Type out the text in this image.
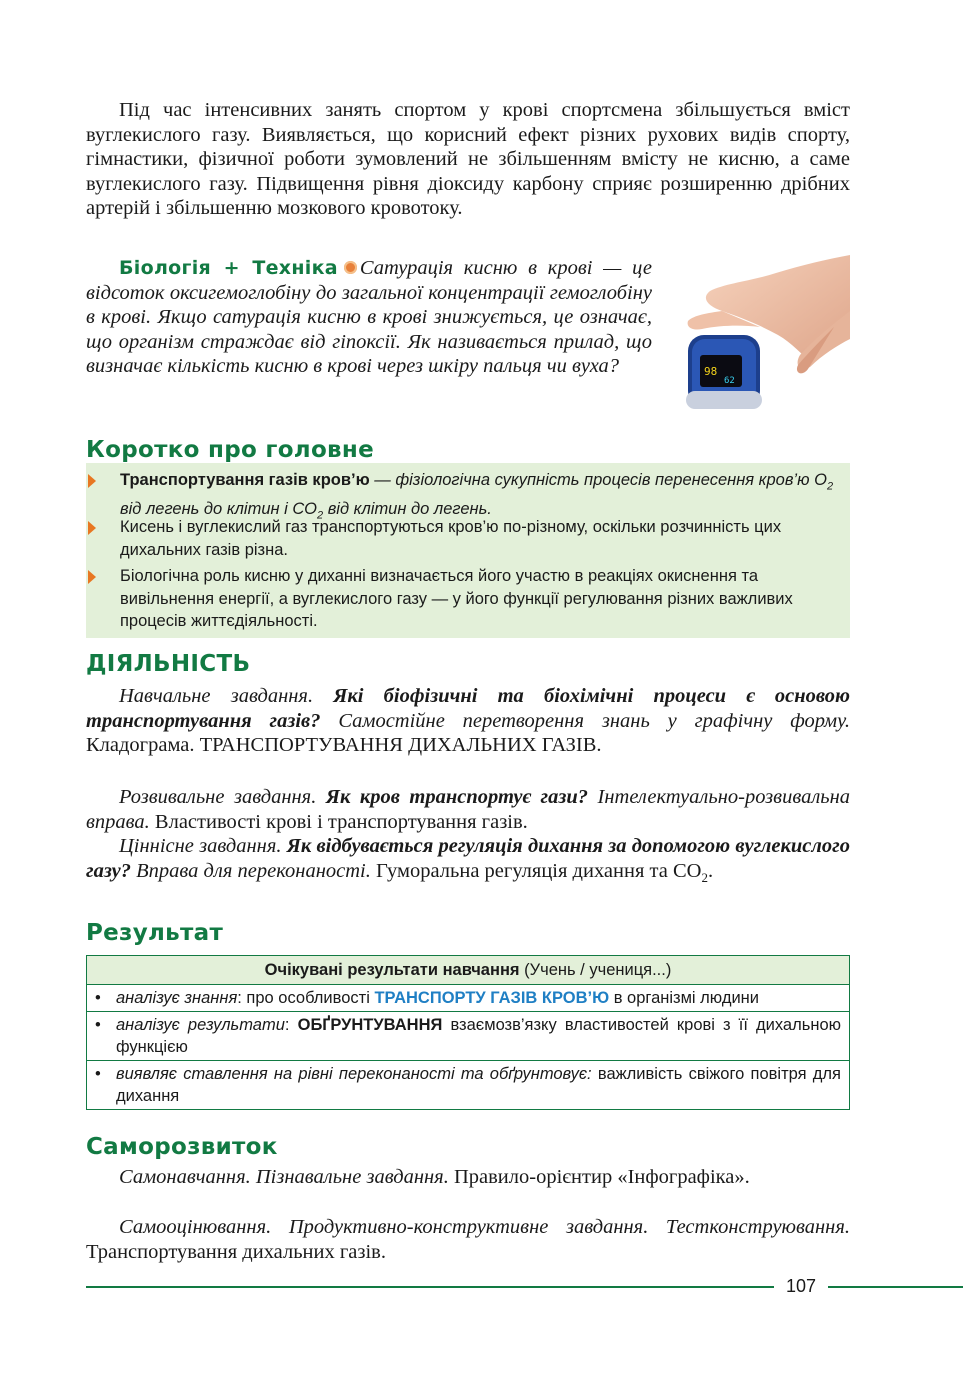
Під час інтенсивних занять спортом у крові спортсмена збільшується вміст вуглекислого газу. Виявляється, що корисний ефект різних рухових видів спорту, гімнастики, фізичної роботи зумовлений не збільшенням вмісту не кисню, а саме вуглекислого газу. Підвищення рівня діоксиду карбону сприяє розширенню дрібних артерій і збільшенню мозкового кровотоку.

Біологія + Техніка Сатурація кисню в крові — це відсоток оксигемоглобіну до загальної концентрації гемоглобіну в крові. Якщо сатурація кисню в крові знижується, це означає, що організм страждає від гіпоксії. Як називається прилад, що визначає кількість кисню в крові через шкіру пальця чи вуха?	98
62
Коротко про головне
Транспортування газів кров’ю — фізіологічна сукупність процесів перенесення кров’ю $О_2$ від легень до клітин і $СО_2$ від клітин до легень.
Кисень і вуглекислий газ транспортуються кров’ю по-різному, оскільки розчинність цих дихальних газів різна.
Біологічна роль кисню у диханні визначається його участю в реакціях окиснення та вивільнення енергії, а вуглекислого газу — у його функції регулювання різних важливих процесів життєдіяльності.
ДІЯЛЬНІСТЬ

Навчальне завдання. Які біофізичні та біохімічні процеси є основою транспортування газів? Самостійне перетворення знань у графічну форму. Кладограма. ТРАНСПОРТУВАННЯ ДИХАЛЬНИХ ГАЗІВ.

Розвивальне завдання. Як кров транспортує гази? Інтелектуально-розвивальна вправа. Властивості крові і транспортування газів.

Ціннісне завдання. Як відбувається регуляція дихання за допомогою вуглекислого газу? Вправа для переконаності. Гуморальна регуляція дихання та $СО_2$.

Результат
Очікувані результати навчання (Учень / учениця...)
• аналізує знання: про особливості ТРАНСПОРТУ ГАЗІВ КРОВ’Ю в організмі людини
• аналізує результати: ОБҐРУНТУВАННЯ взаємозв’язку властивостей крові з її дихальною функцією
• виявляє ставлення на рівні переконаності та обґрунтовує: важливість свіжого повітря для дихання
Саморозвиток

Самонавчання. Пізнавальне завдання. Правило-орієнтир «Інфографіка».

Самооцінювання. Продуктивно-конструктивне завдання. Тестконструювання. Транспортування дихальних газів.

107
